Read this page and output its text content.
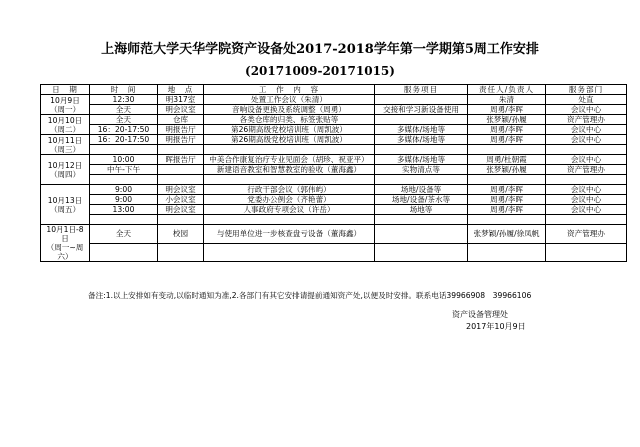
上海师范大学天华学院资产设备处2017-2018学年第一学期第5周工作安排
(20171009-20171015)
日　期	时　间	地　点	工　作　内　容	服务项目	责任人/负责人	服务部门

10月9日
（周一）	12:30	明317室	处置工作会议（朱清）		朱清	处直
	全天	明会议室	音响设备更换及系统调整（周勇）	交接和学习新设备使用	周勇/李晖	会议中心

10月10日
（周二）	全天	仓库	各类仓库的归类、标签张贴等		张梦颖/孙履	资产管理办
	16：20-17:50	明报告厅	第26期高级党校培训班（周凯波）	多媒体/场地等	周勇/李晖	会议中心

10月11日
（周三）	16：20-17:50	明报告厅	第26期高级党校培训班（周凯波）	多媒体/场地等	周勇/李晖	会议中心

10月12日
（周四）	10:00	晖报告厅	中美合作康复治疗专业见面会（胡珍、祝亚平）	多媒体/场地等	周勇/杜朝霞	会议中心
	中午-下午		新建语音教室和智慧教室的验收（董海鑫）	实物清点等	张梦颖/孙履	资产管理办

10月13日
（周五）	9:00	明会议室	行政干部会议（郭伟屿）	场地/设备等	周勇/李晖	会议中心
	9:00	小会议室	党委办公例会（齐艳蕾）	场地/设备/茶水等	周勇/李晖	会议中心
	13:00	明会议室	人事政府专项会议（许岳）	场地等	周勇/李晖	会议中心

10月1日-8日
（周一~周六）	全天	校园	与使用单位进一步核查盘亏设备（董海鑫）		张梦颖/孙履/徐凤帆	资产管理办

备注:1.以上安排如有变动,以临时通知为准,2.各部门有其它安排请提前通知资产处,以便及时安排。联系电话39966908　39966106
资产设备管理处
2017年10月9日
